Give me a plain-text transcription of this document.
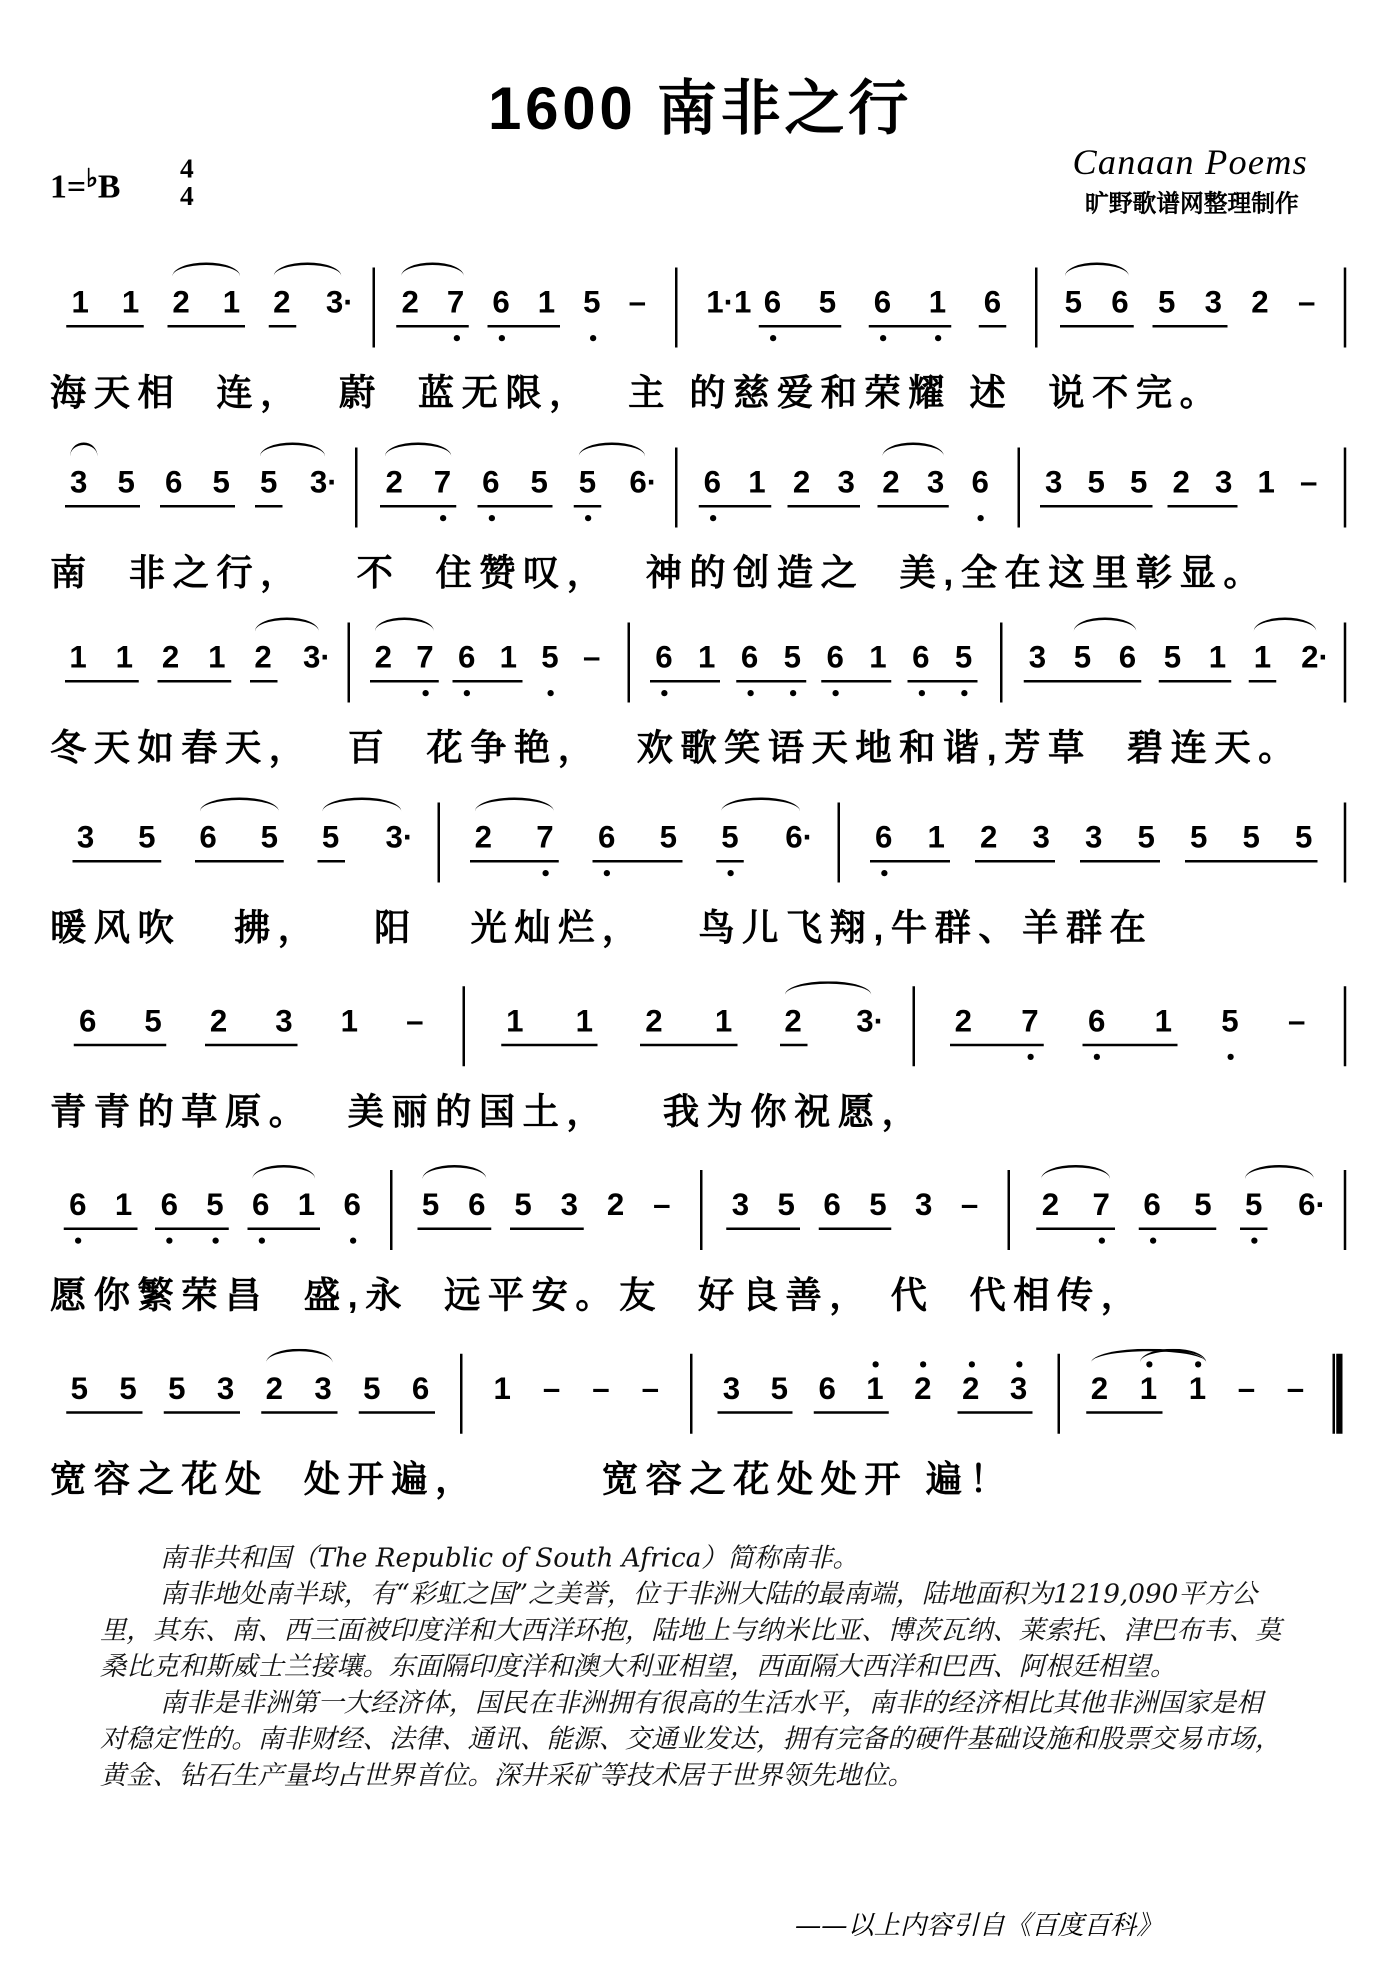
1600 南非之行
1=♭B	4
4
Canaan Poems
旷野歌谱网整理制作
1 1 2 1 2 3· 2 7 6 1 5 – 1·1 6 5 6 1 6	5 6 5 3 2 –
海天相  连，  蔚  蓝无限，  主 的慈爱和荣耀 述  说不完。
3 5 6 5 5 3· 2 7 6 5 5 6· 6 1 2 3 2 3 6 3 5 5 2 3 1 –
南  非之行，   不  住赞叹，  神的创造之  美,全在这里彰显。
1 1 2 1 2 3· 2 7 6 1 5 – 6 1 6 5 6 1 6 5 3 5 6 5 1 1 2·
冬天如春天，  百  花争艳，  欢歌笑语天地和谐,芳草  碧连天。
3 5 6 5 5 3· 2 7 6 5 5 6· 6 1 2 3 3 5 5 5 5
暖风吹   拂，   阳   光灿烂，   鸟儿飞翔,牛群、羊群在
6 5 2 3 1 –	1 1 2 1 2 3·	2 7 6 1 5 –
青青的草原。  美丽的国土，   我为你祝愿，
6 1 6 5 6 1 6 5 6 5 3 2 – 3 5 6 5 3 –	2 7 6 5 5 6·
愿你繁荣昌  盛,永  远平安。友  好良善， 代  代相传，
5 5 5 3 2 3 5 6	1 – – –	3 5 6 1 2 2 3	2 1 1 – –
宽容之花处  处开遍，       宽容之花处处开 遍！

南非共和国（The Republic of South Africa）简称南非。

南非地处南半球，有“彩虹之国”之美誉，位于非洲大陆的最南端，陆地面积为1219,090平方公里，其东、南、西三面被印度洋和大西洋环抱，陆地上与纳米比亚、博茨瓦纳、莱索托、津巴布韦、莫桑比克和斯威士兰接壤。东面隔印度洋和澳大利亚相望，西面隔大西洋和巴西、阿根廷相望。

南非是非洲第一大经济体，国民在非洲拥有很高的生活水平，南非的经济相比其他非洲国家是相对稳定性的。南非财经、法律、通讯、能源、交通业发达，拥有完备的硬件基础设施和股票交易市场，黄金、钻石生产量均占世界首位。深井采矿等技术居于世界领先地位。

——以上内容引自《百度百科》
